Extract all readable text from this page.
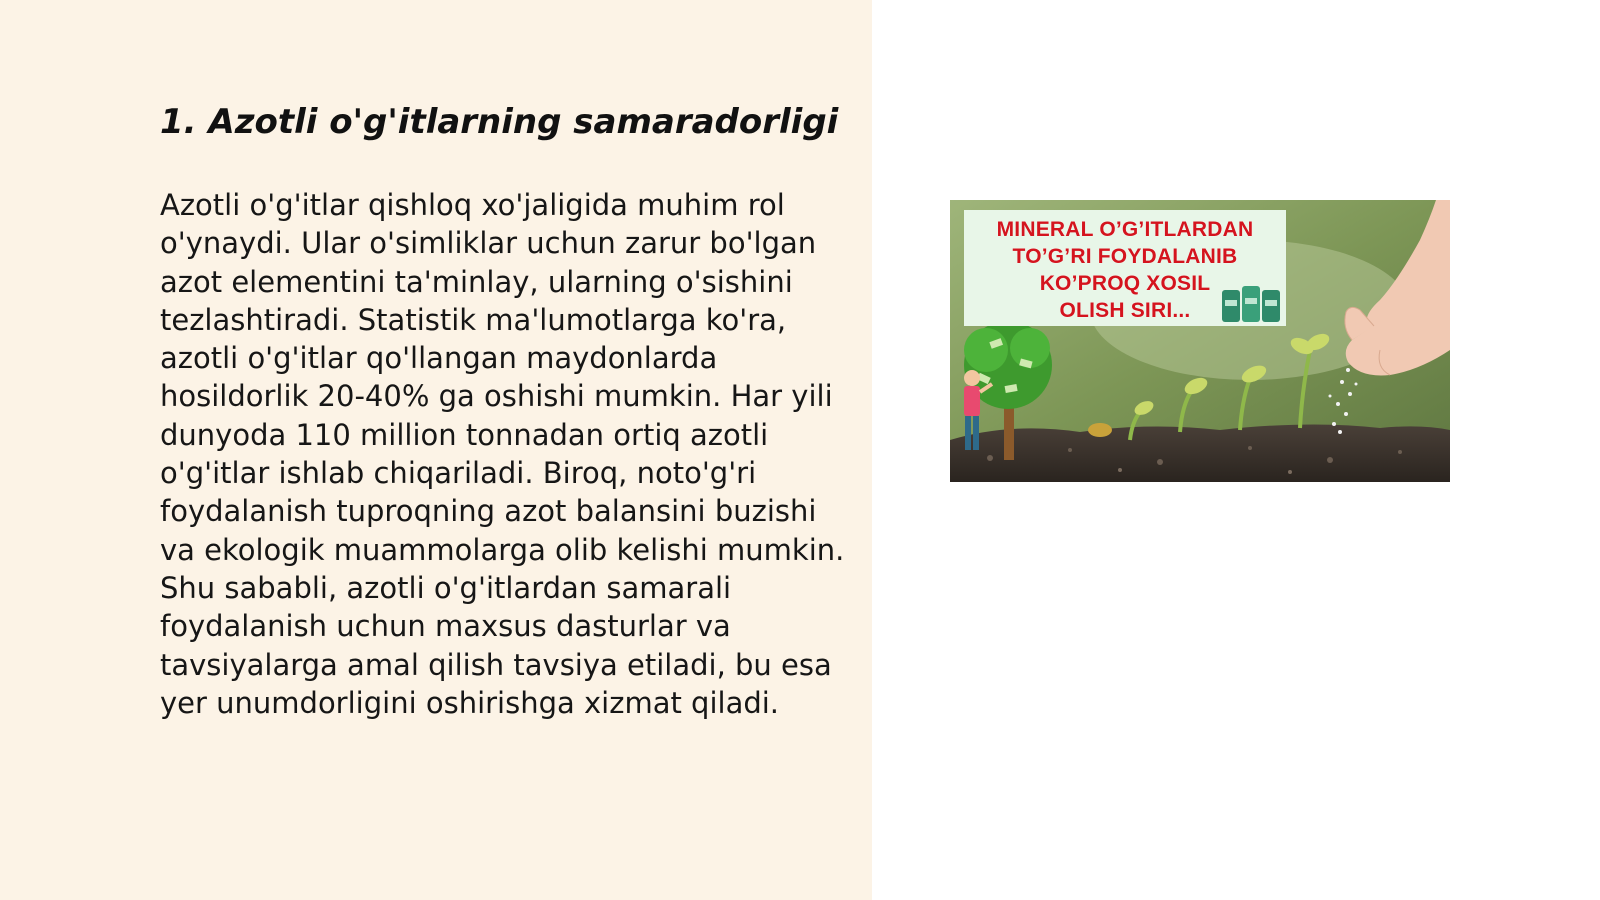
1. Azotli o'g'itlarning samaradorligi

Azotli o'g'itlar qishloq xo'jaligida muhim rol o'ynaydi. Ular o'simliklar uchun zarur bo'lgan azot elementini ta'minlay, ularning o'sishini tezlashtiradi. Statistik ma'lumotlarga ko'ra, azotli o'g'itlar qo'llangan maydonlarda hosildorlik 20-40% ga oshishi mumkin. Har yili dunyoda 110 million tonnadan ortiq azotli o'g'itlar ishlab chiqariladi. Biroq, noto'g'ri foydalanish tuproqning azot balansini buzishi va ekologik muammolarga olib kelishi mumkin. Shu sababli, azotli o'g'itlardan samarali foydalanish uchun maxsus dasturlar va tavsiyalarga amal qilish tavsiya etiladi, bu esa yer unumdorligini oshirishga xizmat qiladi.

MINERAL O’G’ITLARDAN
TO’G’RI FOYDALANIB
KO’PROQ XOSIL
OLISH SIRI...
